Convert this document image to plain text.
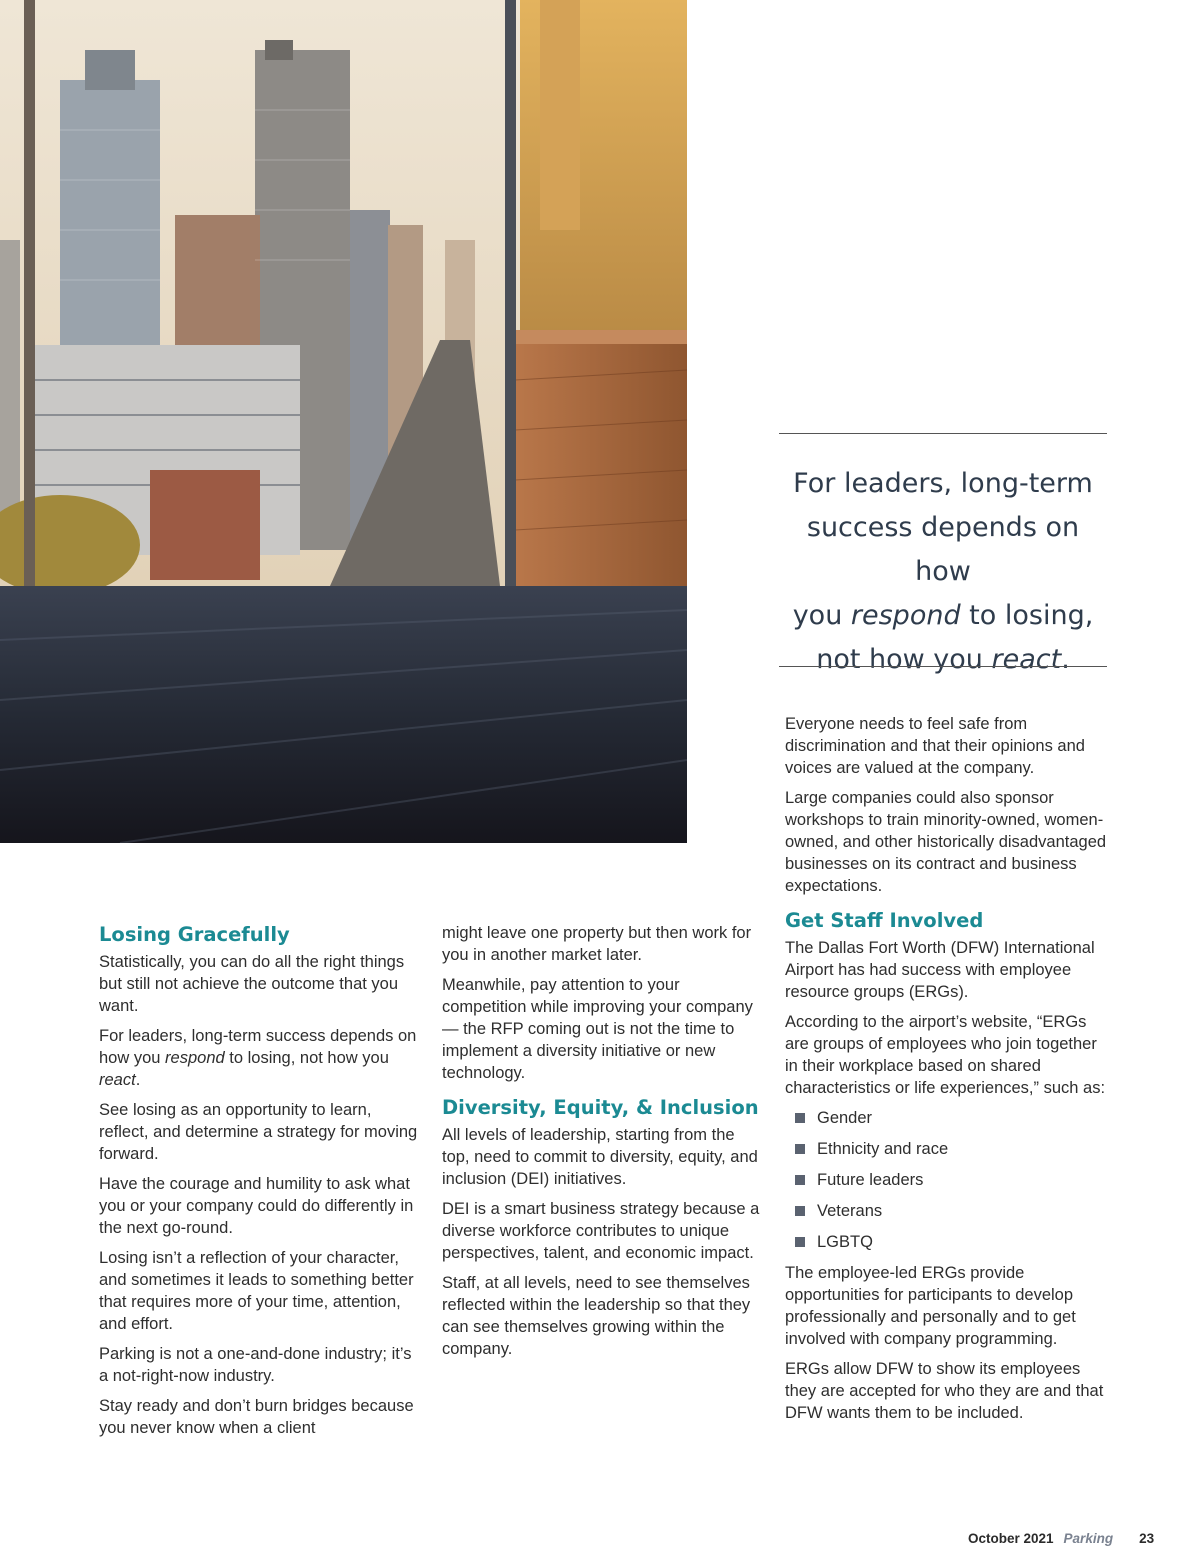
For leaders, long-term
success depends on how
you respond to losing,
not how you react.
Losing Gracefully

Statistically, you can do all the right things but still not achieve the outcome that you want.

For leaders, long-term success depends on how you respond to losing, not how you react.

See losing as an opportunity to learn, reflect, and determine a strategy for moving forward.

Have the courage and humility to ask what you or your company could do differently in the next go-round.

Losing isn’t a reflection of your character, and sometimes it leads to something better that requires more of your time, attention, and effort.

Parking is not a one-and-done industry; it’s a not-right-now industry.

Stay ready and don’t burn bridges because you never know when a client

might leave one property but then work for you in another market later.

Meanwhile, pay attention to your competition while improving your company — the RFP coming out is not the time to implement a diversity initiative or new technology.

Diversity, Equity, & Inclusion

All levels of leadership, starting from the top, need to commit to diversity, equity, and inclusion (DEI) initiatives.

DEI is a smart business strategy because a diverse workforce contributes to unique perspectives, talent, and economic impact.

Staff, at all levels, need to see themselves reflected within the leadership so that they can see themselves growing within the company.

Everyone needs to feel safe from discrimination and that their opinions and voices are valued at the company.

Large companies could also sponsor workshops to train minority-owned, women-owned, and other historically disadvantaged businesses on its contract and business expectations.

Get Staff Involved

The Dallas Fort Worth (DFW) International Airport has had success with employee resource groups (ERGs).

According to the airport’s website, “ERGs are groups of employees who join together in their workplace based on shared characteristics or life experiences,” such as:

Gender
Ethnicity and race
Future leaders
Veterans
LGBTQ

The employee-led ERGs provide opportunities for participants to develop professionally and personally and to get involved with company programming.

ERGs allow DFW to show its employees they are accepted for who they are and that DFW wants them to be included.

October 2021 Parking 23
